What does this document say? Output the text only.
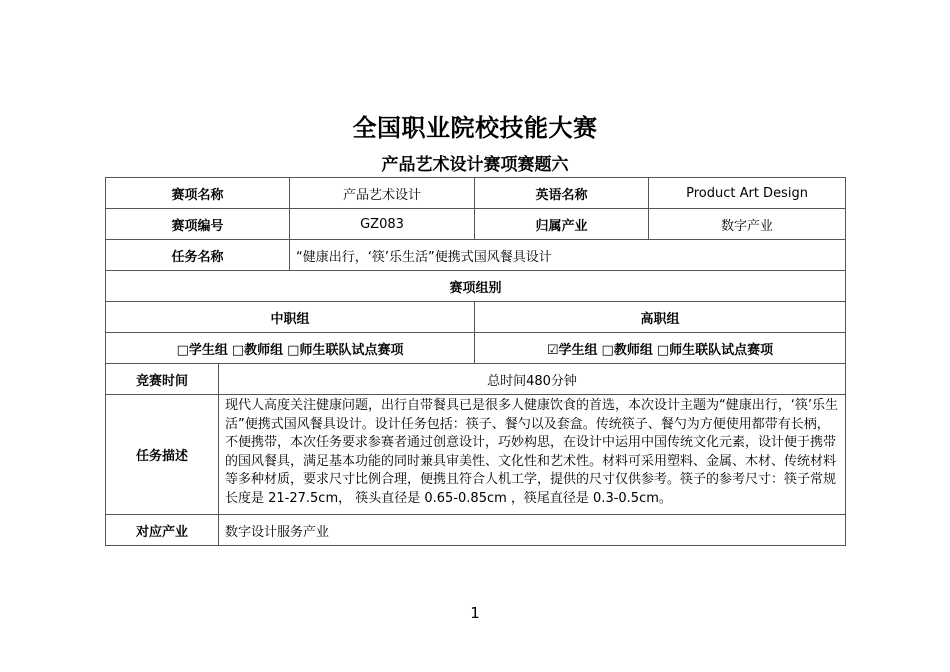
全国职业院校技能大赛
产品艺术设计赛项赛题六
赛项名称		产品艺术设计	英语名称	Product Art Design
赛项编号		GZ083	归属产业	数字产业
任务名称		“健康出行，‘筷’乐生活”便携式国风餐具设计		
赛项组别				
中职组			高职组	
□学生组 □教师组 □师生联队试点赛项			☑学生组 □教师组 □师生联队试点赛项	
竞赛时间	总时间480分钟			
任务描述	现代人高度关注健康问题，出行自带餐具已是很多人健康饮食的首选，本次设计主题为“健康出行，‘筷’乐生活”便携式国风餐具设计。设计任务包括：筷子、餐勺以及套盒。传统筷子、餐勺为方便使用都带有长柄，不便携带，本次任务要求参赛者通过创意设计，巧妙构思，在设计中运用中国传统文化元素，设计便于携带的国风餐具，满足基本功能的同时兼具审美性、文化性和艺术性。材料可采用塑料、金属、木材、传统材料等多种材质，要求尺寸比例合理，便携且符合人机工学，提供的尺寸仅供参考。筷子的参考尺寸：筷子常规长度是 21-27.5cm， 筷头直径是 0.65-0.85cm ，筷尾直径是 0.3-0.5cm。			
对应产业	数字设计服务产业			
1
